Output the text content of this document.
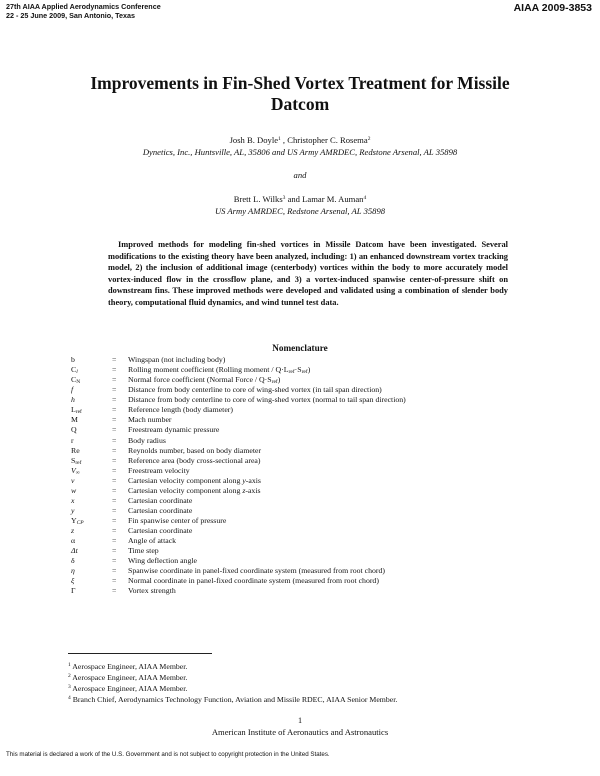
27th AIAA Applied Aerodynamics Conference
22 - 25 June 2009, San Antonio, Texas
AIAA 2009-3853
Improvements in Fin-Shed Vortex Treatment for Missile Datcom
Josh B. Doyle$^1$ , Christopher C. Rosema$^2$
Dynetics, Inc., Huntsville, AL, 35806 and US Army AMRDEC, Redstone Arsenal, AL 35898
and
Brett L. Wilks$^3$ and Lamar M. Auman$^4$
US Army AMRDEC, Redstone Arsenal, AL 35898
Improved methods for modeling fin-shed vortices in Missile Datcom have been investigated. Several modifications to the existing theory have been analyzed, including: 1) an enhanced downstream vortex tracking model, 2) the inclusion of additional image (centerbody) vortices within the body to more accurately model vortex-induced flow in the crossflow plane, and 3) a vortex-induced spanwise center-of-pressure shift on downstream fins. These improved methods were developed and validated using a combination of slender body theory, computational fluid dynamics, and wind tunnel test data.
Nomenclature
b	= Wingspan (not including body)
$C_l$	= Rolling moment coefficient (Rolling moment / $Q\cdot L_{ref}\cdot S_{ref}$)
$C_N$	= Normal force coefficient (Normal Force / $Q\cdot S_{ref}$)
f	= Distance from body centerline to core of wing-shed vortex (in tail span direction)
h	= Distance from body centerline to core of wing-shed vortex (normal to tail span direction)
$L_{ref}$	= Reference length (body diameter)
M	= Mach number
Q	= Freestream dynamic pressure
r	= Body radius
Re	= Reynolds number, based on body diameter
$S_{ref}$	= Reference area (body cross-sectional area)
$V_\infty$	= Freestream velocity
v	= Cartesian velocity component along y-axis
w	= Cartesian velocity component along z-axis
x	= Cartesian coordinate
y	= Cartesian coordinate
$Y_{CP}$	= Fin spanwise center of pressure
z	= Cartesian coordinate
α	= Angle of attack
Δt	= Time step
δ	= Wing deflection angle
η	= Spanwise coordinate in panel-fixed coordinate system (measured from root chord)
ξ	= Normal coordinate in panel-fixed coordinate system (measured from root chord)
Γ	= Vortex strength
$^1$ Aerospace Engineer, AIAA Member.
$^2$ Aerospace Engineer, AIAA Member.
$^3$ Aerospace Engineer, AIAA Member.
$^4$ Branch Chief, Aerodynamics Technology Function, Aviation and Missile RDEC, AIAA Senior Member.
1
American Institute of Aeronautics and Astronautics
This material is declared a work of the U.S. Government and is not subject to copyright protection in the United States.
